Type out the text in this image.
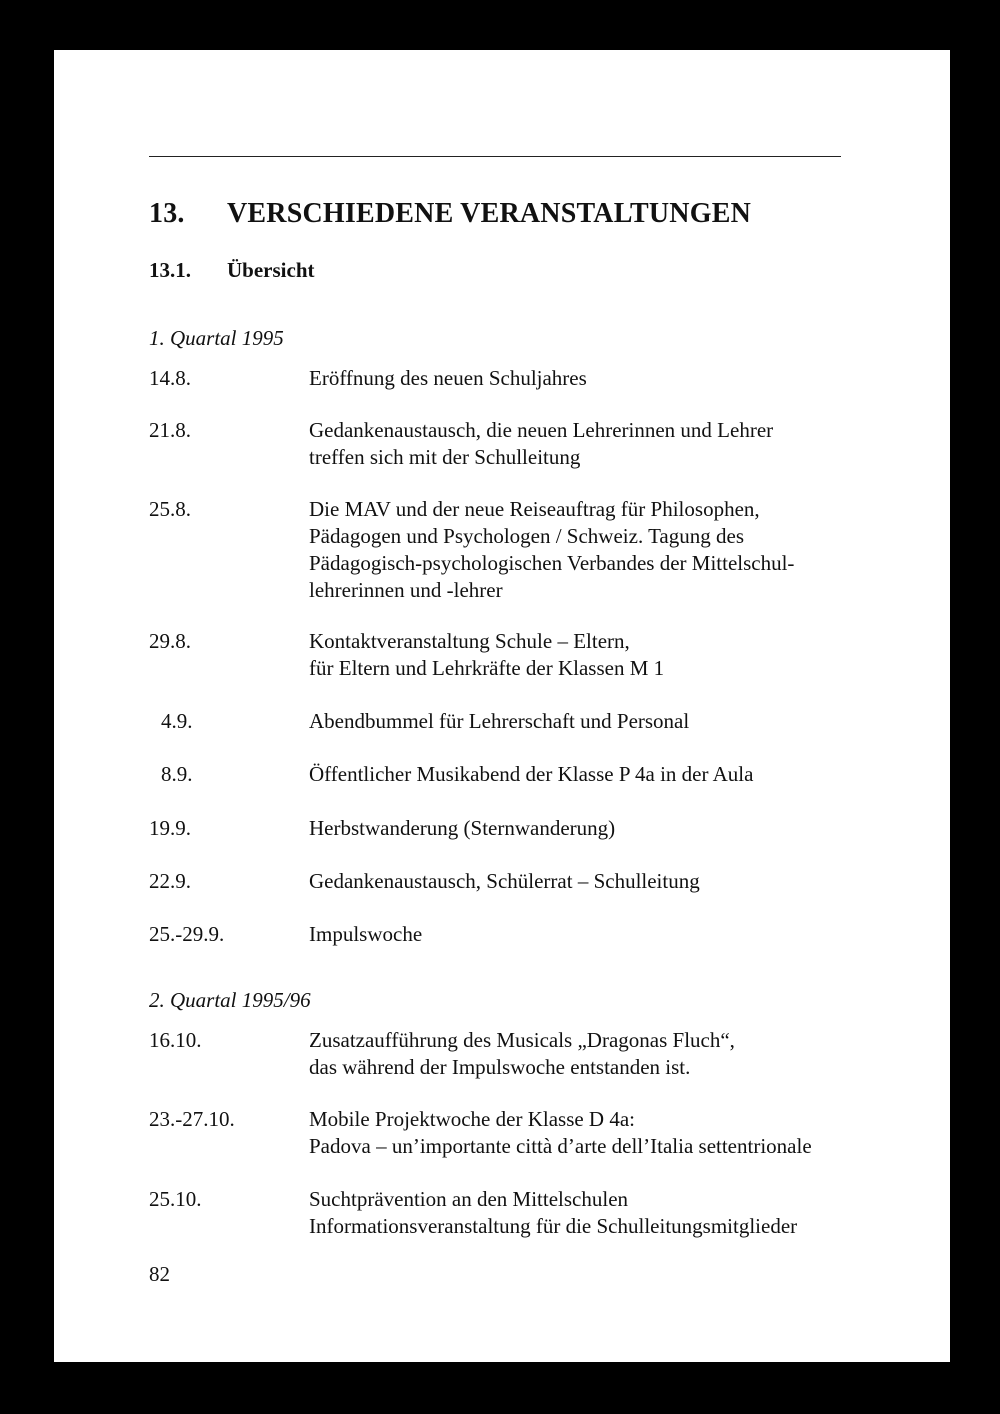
13. VERSCHIEDENE VERANSTALTUNGEN
13.1. Übersicht
1. Quartal 1995
14.8.	Eröffnung des neuen Schuljahres
21.8.	Gedankenaustausch, die neuen Lehrerinnen und Lehrer
treffen sich mit der Schulleitung
25.8.	Die MAV und der neue Reiseauftrag für Philosophen,
Pädagogen und Psychologen / Schweiz. Tagung des
Pädagogisch-psychologischen Verbandes der Mittelschul-
lehrerinnen und -lehrer
29.8.	Kontaktveranstaltung Schule – Eltern,
für Eltern und Lehrkräfte der Klassen M 1
4.9.	Abendbummel für Lehrerschaft und Personal
8.9.	Öffentlicher Musikabend der Klasse P 4a in der Aula
19.9.	Herbstwanderung (Sternwanderung)
22.9.	Gedankenaustausch, Schülerrat – Schulleitung
25.-29.9.	Impulswoche
2. Quartal 1995/96
16.10.	Zusatzaufführung des Musicals „Dragonas Fluch“,
das während der Impulswoche entstanden ist.
23.-27.10.	Mobile Projektwoche der Klasse D 4a:
Padova – un’importante città d’arte dell’Italia settentrionale
25.10.	Suchtprävention an den Mittelschulen
Informationsveranstaltung für die Schulleitungsmitglieder
82
